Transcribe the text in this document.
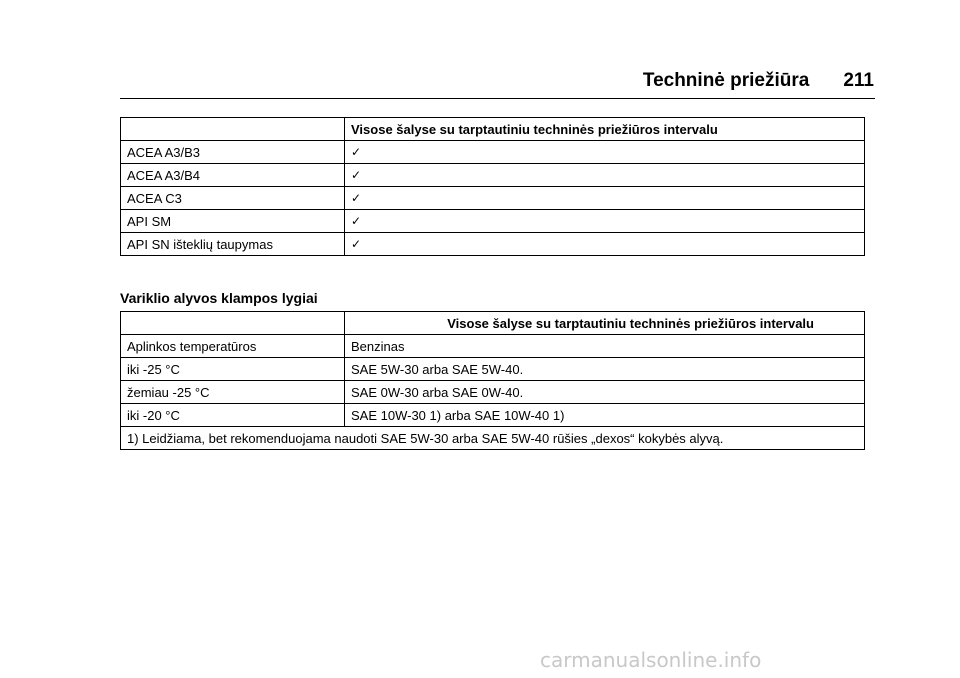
Techninė priežiūra 211
	Visose šalyse su tarptautiniu techninės priežiūros intervalu
ACEA A3/B3	✓
ACEA A3/B4	✓
ACEA C3	✓
API SM	✓
API SN išteklių taupymas	✓
Variklio alyvos klampos lygiai
	Visose šalyse su tarptautiniu techninės priežiūros intervalu
Aplinkos temperatūros	Benzinas
iki -25 °C	SAE 5W-30 arba SAE 5W-40.
žemiau -25 °C	SAE 0W-30 arba SAE 0W-40.
iki -20 °C	SAE 10W-30 1) arba SAE 10W-40 1)
1) Leidžiama, bet rekomenduojama naudoti SAE 5W-30 arba SAE 5W-40 rūšies „dexos“ kokybės alyvą.	
carmanualsonline.info
